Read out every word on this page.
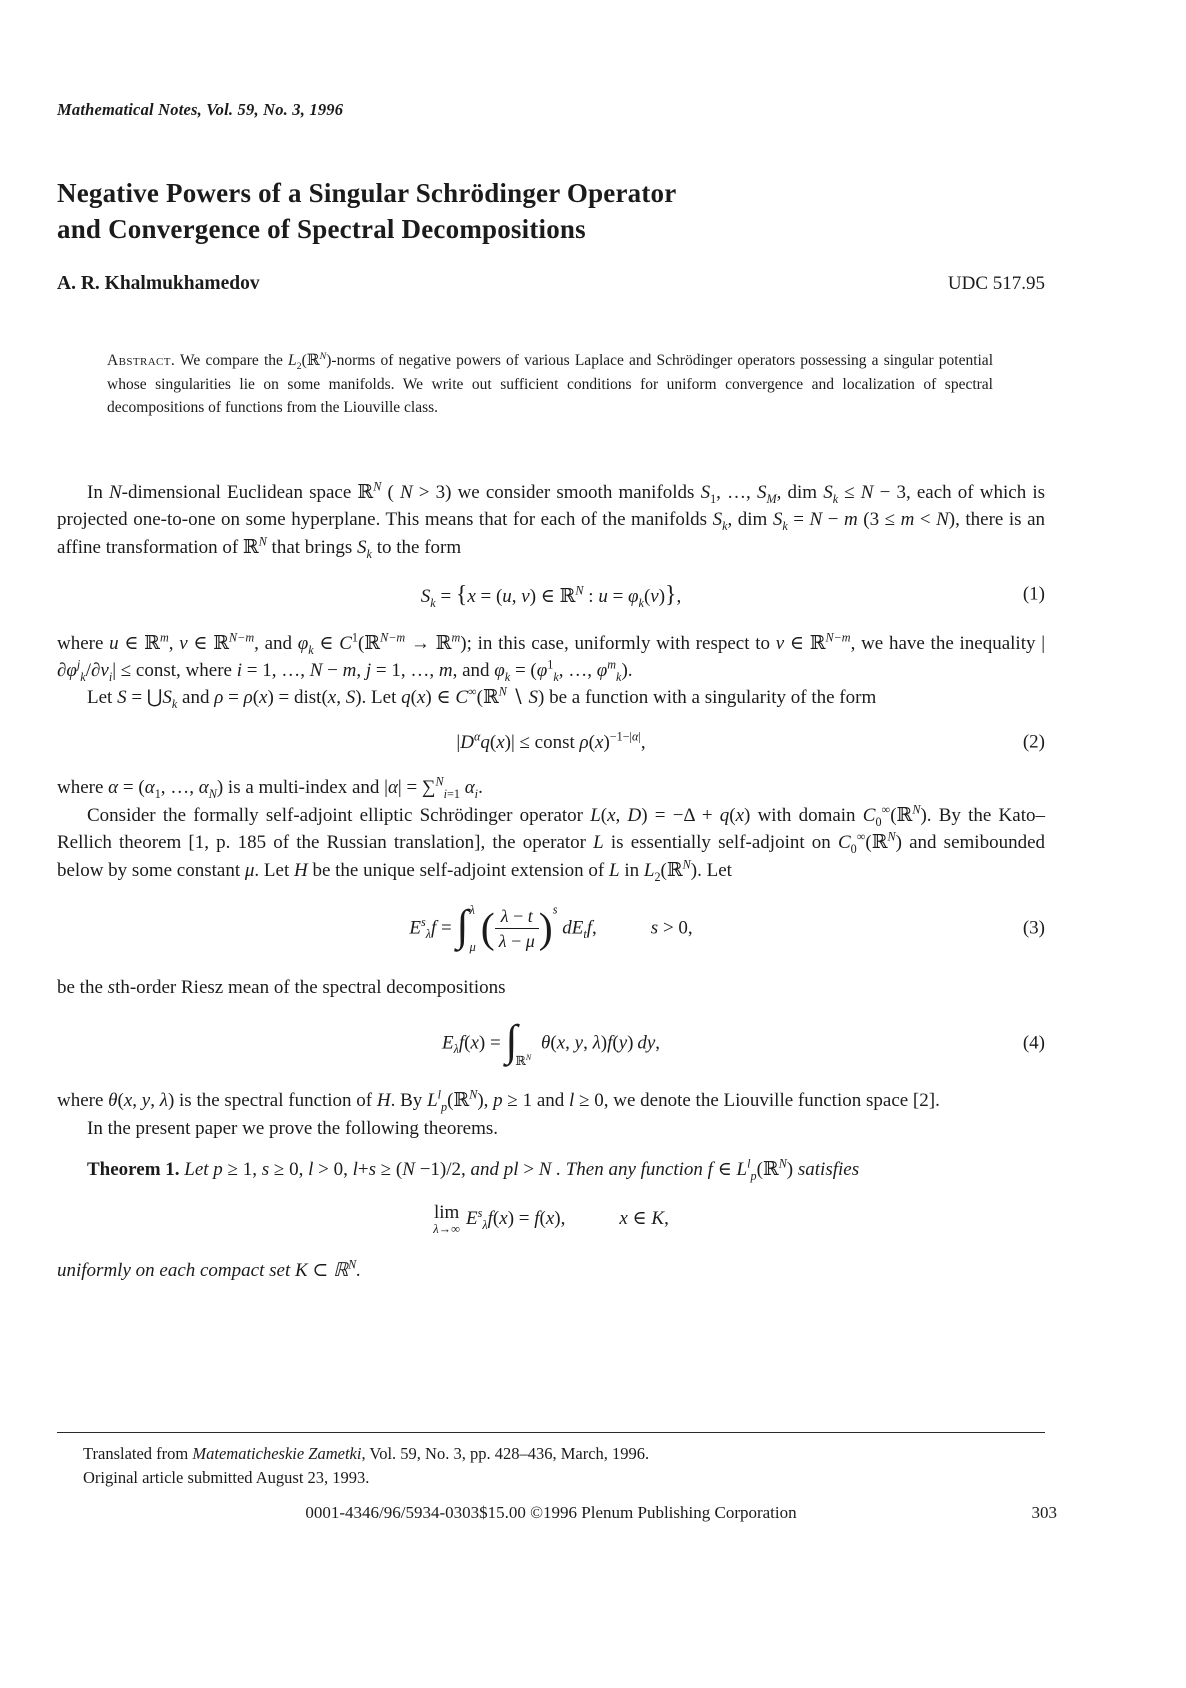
Mathematical Notes, Vol. 59, No. 3, 1996
Negative Powers of a Singular Schrödinger Operator
and Convergence of Spectral Decompositions
A. R. Khalmukhamedov	UDC 517.95
Abstract. We compare the $L_2(ℝ^N)$-norms of negative powers of various Laplace and Schrödinger operators possessing a singular potential whose singularities lie on some manifolds. We write out sufficient conditions for uniform convergence and localization of spectral decompositions of functions from the Liouville class.

In N-dimensional Euclidean space ℝ$^N$ ( N > 3) we consider smooth manifolds $S_1$, …, $S_M$, dim $S_k \le N - 3$, each of which is projected one-to-one on some hyperplane. This means that for each of the manifolds $S_k$, dim $S_k = N - m$ (3 ≤ m < N), there is an affine transformation of ℝ$^N$ that brings $S_k$ to the form

$S_k = \{x = (u$, v) ∈ ℝ$^N$ : $u = \varphi_k(v)$},	(1)

where u ∈ ℝ$^m$, v ∈ ℝ$^{N-m}$, and $\varphi_k$ ∈ $C^1(ℝ^{N-m}$ → ℝ$^m$); in this case, uniformly with respect to v ∈ ℝ$^{N-m}$, we have the inequality $|\partial\varphi^j_k/\partial v_i|$ ≤ const, where i = 1, …, N − m, j = 1, …, m, and $\varphi_k = (\varphi^1_k$, …, $\varphi^m_k$).

Let $S = ⋃S_k$ and ρ = ρ(x) = dist(x, S). Let q(x) ∈ C∞(ℝ$^N$ ∖ S) be a function with a singularity of the form

$|D^\alpha q(x)|$ ≤ const $\rho(x)^{-1-|\alpha|}$,	(2)

where $\alpha = (\alpha_1$, …, $\alpha_N$) is a multi-index and |α| = ∑$^N_{i=1}$ $\alpha_i$.

Consider the formally self-adjoint elliptic Schrödinger operator L(x, D) = −Δ + q(x) with domain $C_0^\infty(ℝ^N)$. By the Kato–Rellich theorem [1, p. 185 of the Russian translation], the operator L is essentially self-adjoint on $C_0^\infty(ℝ^N)$ and semibounded below by some constant μ. Let H be the unique self-adjoint extension of L in $L_2(ℝ^N)$. Let

$E^s_\lambda f$ = ∫ λ
μ ( $\frac{\lambda - t}{\lambda - \mu} )^s$ $dE_tf$,	s > 0,	(3)

be the sth-order Riesz mean of the spectral decompositions

$E_\lambda f(x)$ = ∫
ℝ$^N$
θ(x, y, λ)f(y) dy,	(4)

where θ(x, y, λ) is the spectral function of H. By $L^l_p(ℝ^N)$, p ≥ 1 and l ≥ 0, we denote the Liouville function space [2].

In the present paper we prove the following theorems.

Theorem 1. Let p ≥ 1, s ≥ 0, l > 0, l+s ≥ (N −1)/2, and pl > N . Then any function f ∈ $L^l_p(ℝ^N)$ satisfies

lim
λ→∞ $E^s_\lambda f(x) = f(x)$,	x ∈ K,

uniformly on each compact set K ⊂ ℝ$^N$.

Translated from Matematicheskie Zametki, Vol. 59, No. 3, pp. 428–436, March, 1996.
Original article submitted August 23, 1993.
0001-4346/96/5934-0303$15.00 ©1996 Plenum Publishing Corporation	303
